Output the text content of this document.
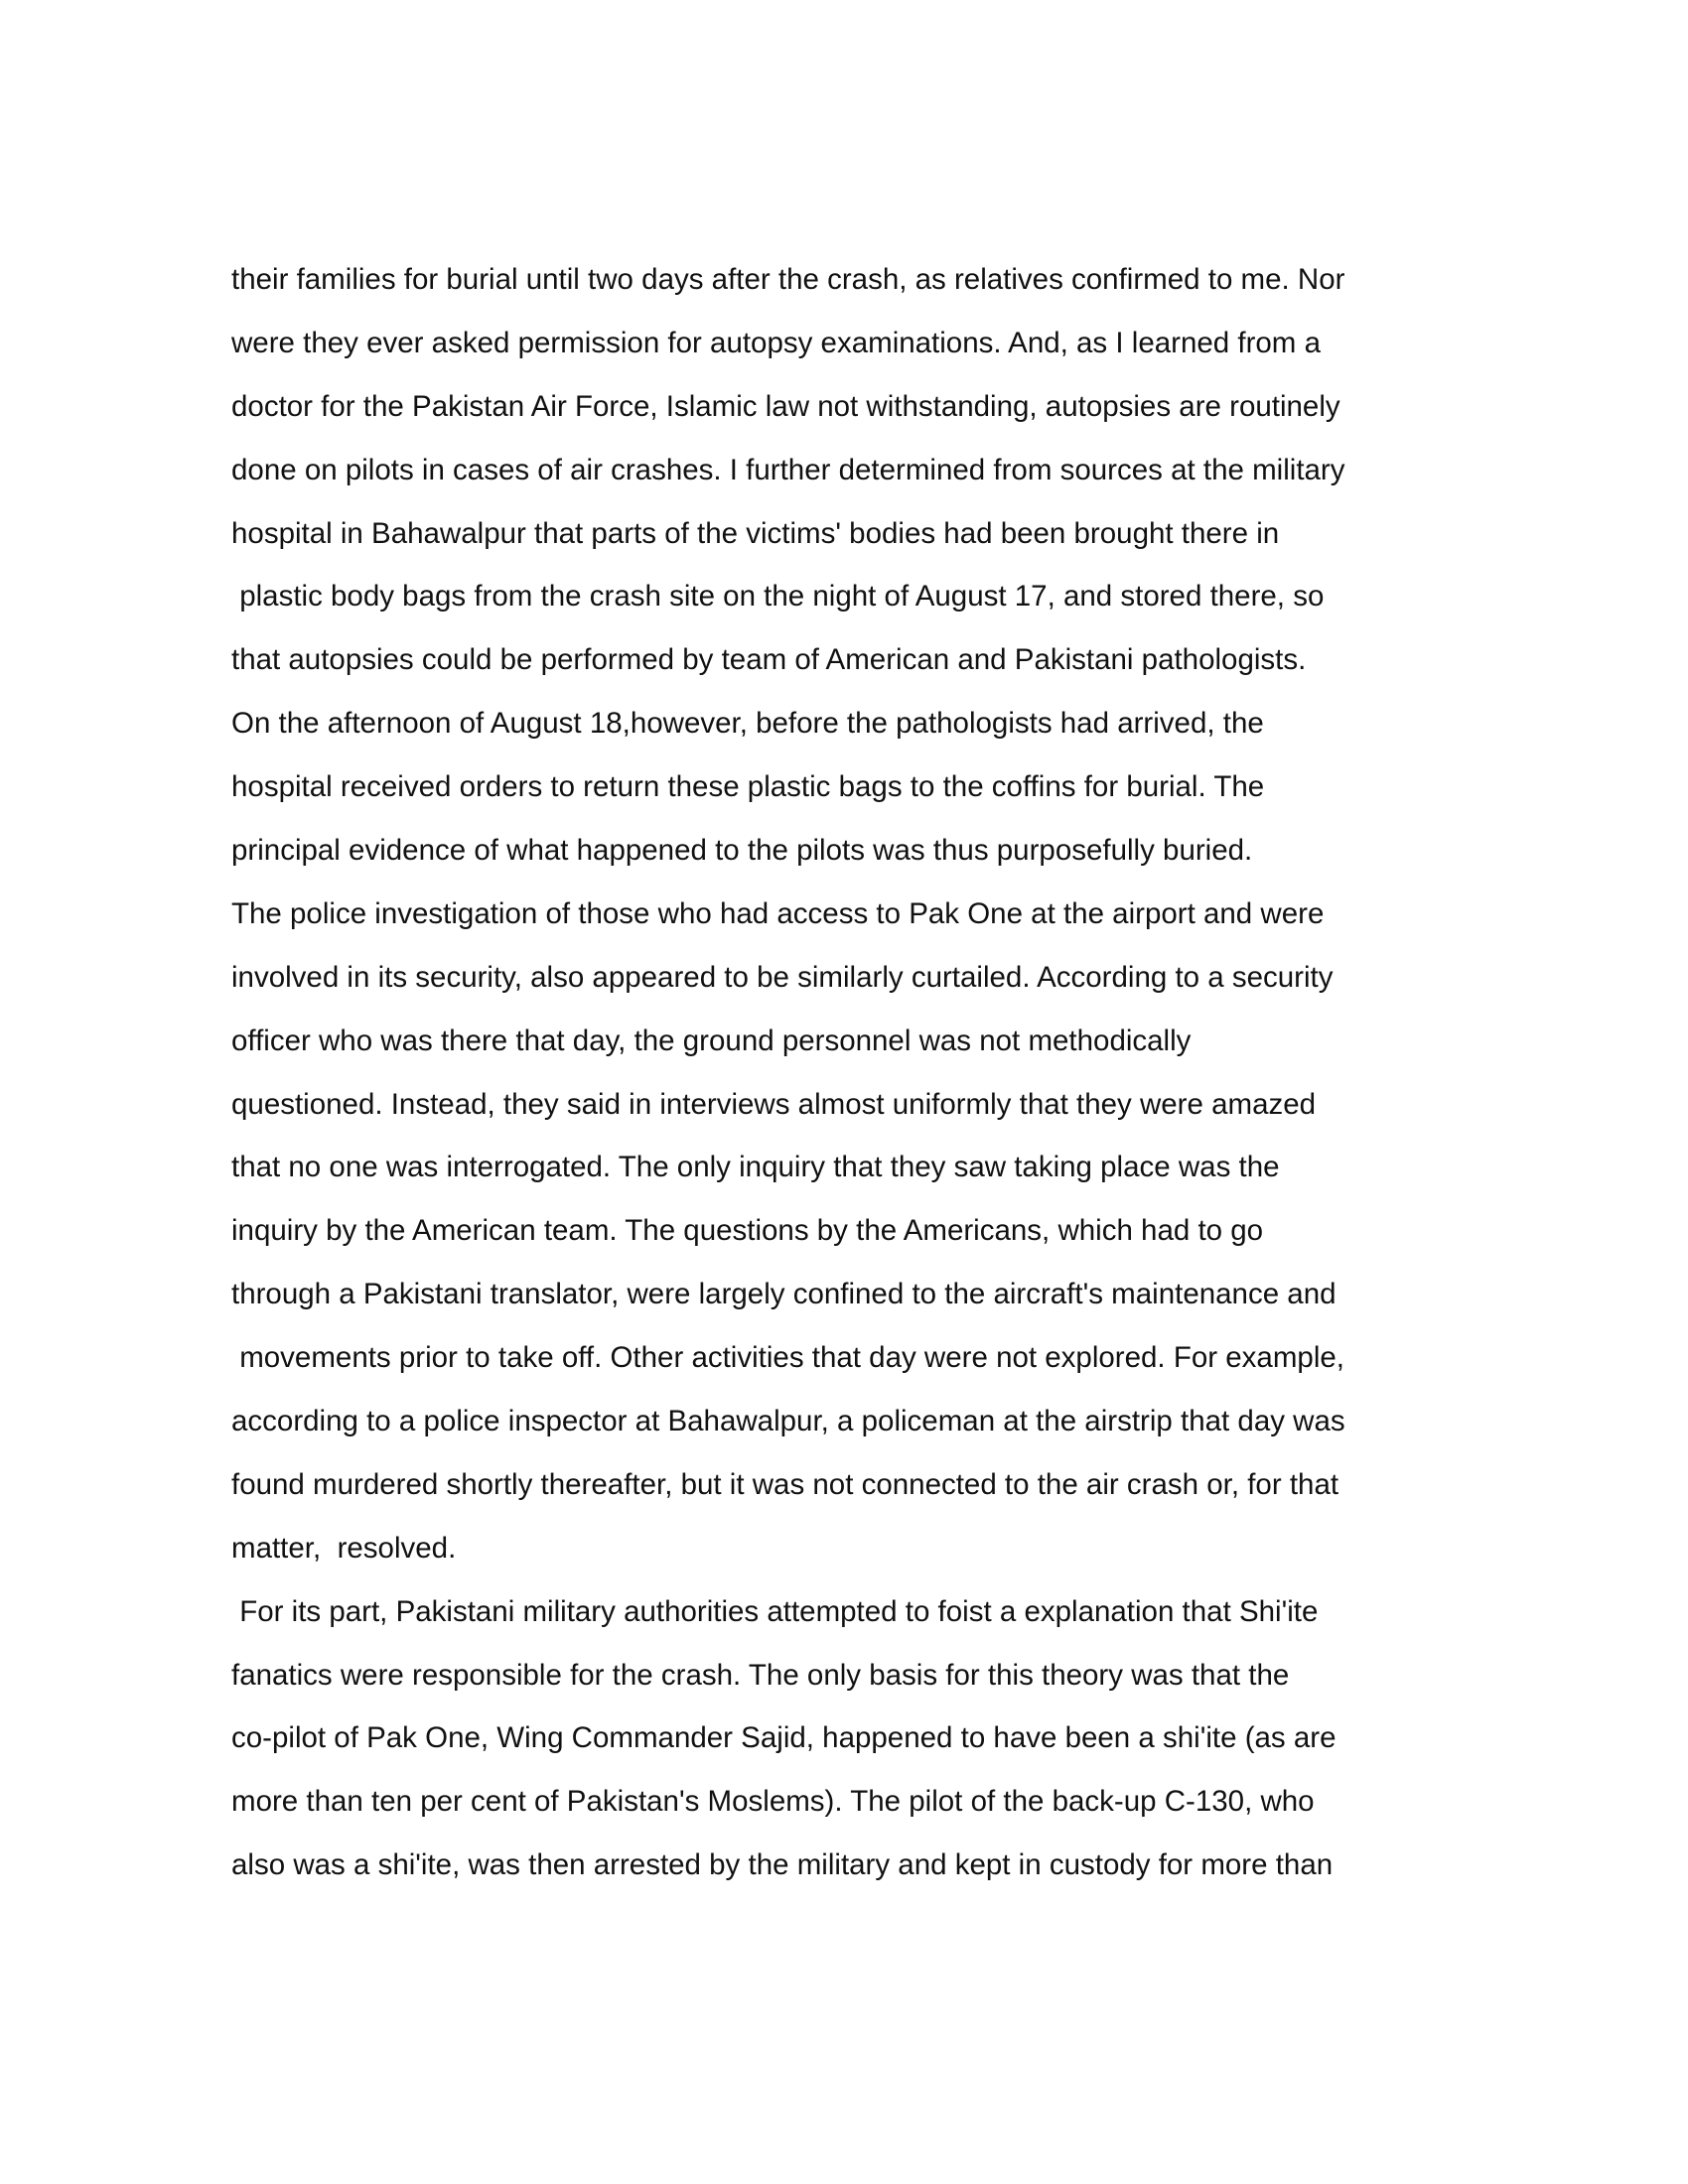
their families for burial until two days after the crash, as relatives confirmed to me. Nor
were they ever asked permission for autopsy examinations. And, as I learned from a
doctor for the Pakistan Air Force, Islamic law not withstanding, autopsies are routinely
done on pilots in cases of air crashes. I further determined from sources at the military
hospital in Bahawalpur that parts of the victims' bodies had been brought there in
plastic body bags from the crash site on the night of August 17, and stored there, so
that autopsies could be performed by team of American and Pakistani pathologists.
On the afternoon of August 18,however, before the pathologists had arrived, the
hospital received orders to return these plastic bags to the coffins for burial. The
principal evidence of what happened to the pilots was thus purposefully buried.
The police investigation of those who had access to Pak One at the airport and were
involved in its security, also appeared to be similarly curtailed. According to a security
officer who was there that day, the ground personnel was not methodically
questioned. Instead, they said in interviews almost uniformly that they were amazed
that no one was interrogated. The only inquiry that they saw taking place was the
inquiry by the American team. The questions by the Americans, which had to go
through a Pakistani translator, were largely confined to the aircraft's maintenance and
movements prior to take off. Other activities that day were not explored. For example,
according to a police inspector at Bahawalpur, a policeman at the airstrip that day was
found murdered shortly thereafter, but it was not connected to the air crash or, for that
matter,  resolved.
For its part, Pakistani military authorities attempted to foist a explanation that Shi'ite
fanatics were responsible for the crash. The only basis for this theory was that the
co-pilot of Pak One, Wing Commander Sajid, happened to have been a shi'ite (as are
more than ten per cent of Pakistan's Moslems). The pilot of the back-up C-130, who
also was a shi'ite, was then arrested by the military and kept in custody for more than
